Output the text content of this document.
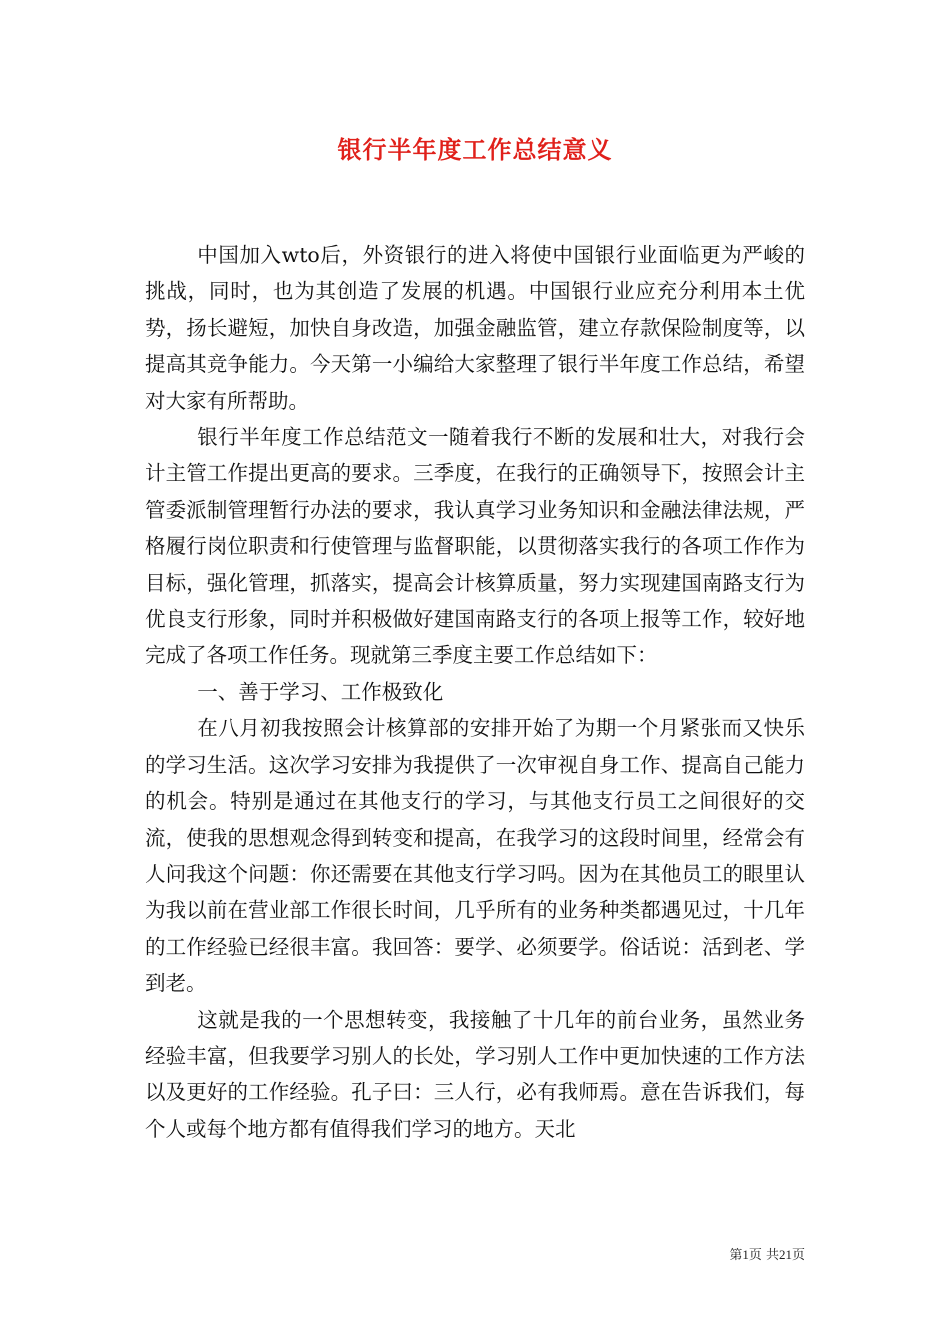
银行半年度工作总结意义

中国加入wto后，外资银行的进入将使中国银行业面临更为严峻的挑战，同时，也为其创造了发展的机遇。中国银行业应充分利用本土优势，扬长避短，加快自身改造，加强金融监管，建立存款保险制度等，以提高其竞争能力。今天第一小编给大家整理了银行半年度工作总结，希望对大家有所帮助。

银行半年度工作总结范文一随着我行不断的发展和壮大，对我行会计主管工作提出更高的要求。三季度，在我行的正确领导下，按照会计主管委派制管理暂行办法的要求，我认真学习业务知识和金融法律法规，严格履行岗位职责和行使管理与监督职能，以贯彻落实我行的各项工作作为目标，强化管理，抓落实，提高会计核算质量，努力实现建国南路支行为优良支行形象，同时并积极做好建国南路支行的各项上报等工作，较好地完成了各项工作任务。现就第三季度主要工作总结如下：

一、善于学习、工作极致化

在八月初我按照会计核算部的安排开始了为期一个月紧张而又快乐的学习生活。这次学习安排为我提供了一次审视自身工作、提高自己能力的机会。特别是通过在其他支行的学习，与其他支行员工之间很好的交流，使我的思想观念得到转变和提高，在我学习的这段时间里，经常会有人问我这个问题：你还需要在其他支行学习吗。因为在其他员工的眼里认为我以前在营业部工作很长时间，几乎所有的业务种类都遇见过，十几年的工作经验已经很丰富。我回答：要学、必须要学。俗话说：活到老、学到老。

这就是我的一个思想转变，我接触了十几年的前台业务，虽然业务经验丰富，但我要学习别人的长处，学习别人工作中更加快速的工作方法以及更好的工作经验。孔子曰：三人行，必有我师焉。意在告诉我们，每个人或每个地方都有值得我们学习的地方。天北

第1页 共21页
